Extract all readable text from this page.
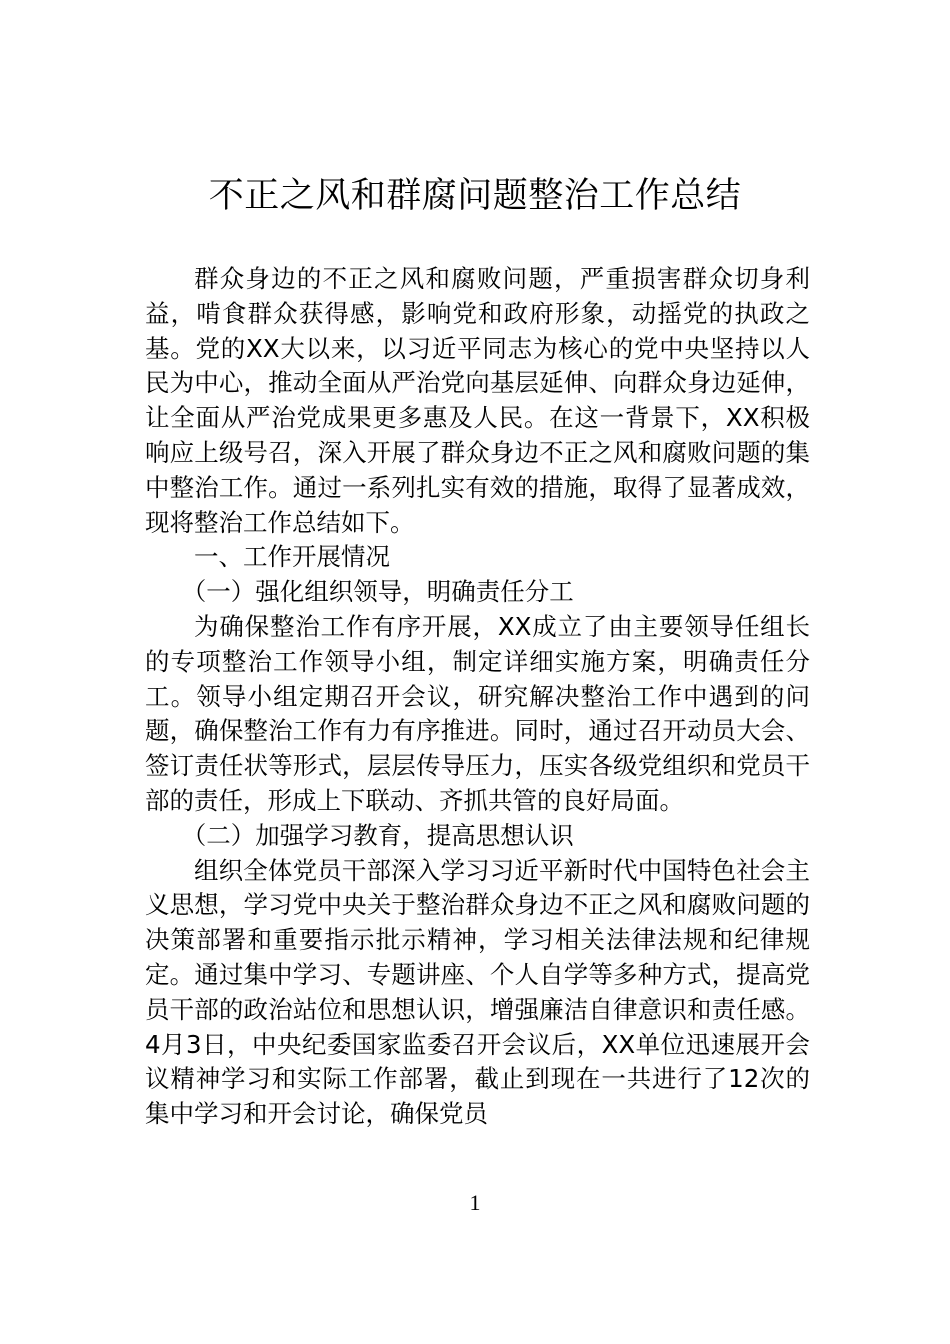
不正之风和群腐问题整治工作总结

群众身边的不正之风和腐败问题，严重损害群众切身利益，啃食群众获得感，影响党和政府形象，动摇党的执政之基。党的XX大以来，以习近平同志为核心的党中央坚持以人民为中心，推动全面从严治党向基层延伸、向群众身边延伸，让全面从严治党成果更多惠及人民。在这一背景下，XX积极响应上级号召，深入开展了群众身边不正之风和腐败问题的集中整治工作。通过一系列扎实有效的措施，取得了显著成效，现将整治工作总结如下。

一、工作开展情况

（一）强化组织领导，明确责任分工

为确保整治工作有序开展，XX成立了由主要领导任组长的专项整治工作领导小组，制定详细实施方案，明确责任分工。领导小组定期召开会议，研究解决整治工作中遇到的问题，确保整治工作有力有序推进。同时，通过召开动员大会、签订责任状等形式，层层传导压力，压实各级党组织和党员干部的责任，形成上下联动、齐抓共管的良好局面。

（二）加强学习教育，提高思想认识

组织全体党员干部深入学习习近平新时代中国特色社会主义思想，学习党中央关于整治群众身边不正之风和腐败问题的决策部署和重要指示批示精神，学习相关法律法规和纪律规定。通过集中学习、专题讲座、个人自学等多种方式，提高党员干部的政治站位和思想认识，增强廉洁自律意识和责任感。4月3日，中央纪委国家监委召开会议后，XX单位迅速展开会议精神学习和实际工作部署，截止到现在一共进行了12次的集中学习和开会讨论，确保党员

1
